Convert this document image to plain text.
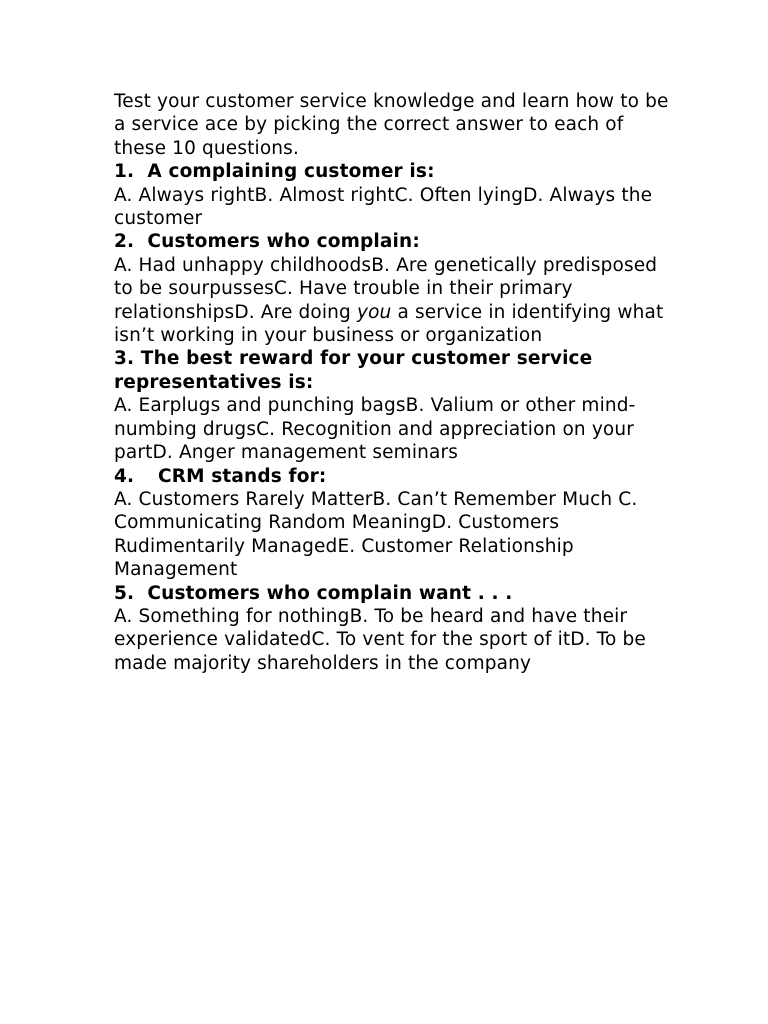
Test your customer service knowledge and learn how to be a service ace by picking the correct answer to each of these 10 questions.

1. A complaining customer is:

A. Always rightB. Almost rightC. Often lyingD. Always the customer

2. Customers who complain:

A. Had unhappy childhoodsB. Are genetically predisposed to be sourpussesC. Have trouble in their primary relationshipsD. Are doing you a service in identifying what isn’t working in your business or organization

3. The best reward for your customer service representatives is:

A. Earplugs and punching bagsB. Valium or other mind-numbing drugsC. Recognition and appreciation on your partD. Anger management seminars

4. CRM stands for:

A. Customers Rarely MatterB. Can’t Remember Much C. Communicating Random MeaningD. Customers Rudimentarily ManagedE. Customer Relationship Management

5. Customers who complain want . . .

A. Something for nothingB. To be heard and have their experience validatedC. To vent for the sport of itD. To be made majority shareholders in the company
